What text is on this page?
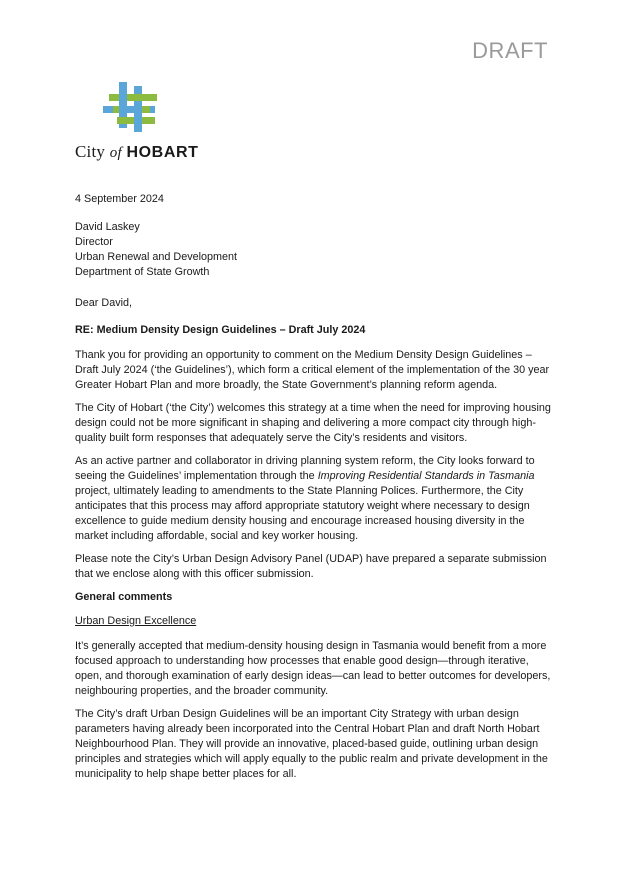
DRAFT
City of HOBART
4 September 2024
David Laskey
Director
Urban Renewal and Development
Department of State Growth
Dear David,
RE: Medium Density Design Guidelines – Draft July 2024

Thank you for providing an opportunity to comment on the Medium Density Design Guidelines – Draft July 2024 (‘the Guidelines’), which form a critical element of the implementation of the 30 year Greater Hobart Plan and more broadly, the State Government’s planning reform agenda.

The City of Hobart (‘the City’) welcomes this strategy at a time when the need for improving housing design could not be more significant in shaping and delivering a more compact city through high-quality built form responses that adequately serve the City’s residents and visitors.

As an active partner and collaborator in driving planning system reform, the City looks forward to seeing the Guidelines’ implementation through the Improving Residential Standards in Tasmania project, ultimately leading to amendments to the State Planning Polices. Furthermore, the City anticipates that this process may afford appropriate statutory weight where necessary to design excellence to guide medium density housing and encourage increased housing diversity in the market including affordable, social and key worker housing.

Please note the City’s Urban Design Advisory Panel (UDAP) have prepared a separate submission that we enclose along with this officer submission.

General comments
Urban Design Excellence

It’s generally accepted that medium-density housing design in Tasmania would benefit from a more focused approach to understanding how processes that enable good design—through iterative, open, and thorough examination of early design ideas—can lead to better outcomes for developers, neighbouring properties, and the broader community.

The City’s draft Urban Design Guidelines will be an important City Strategy with urban design parameters having already been incorporated into the Central Hobart Plan and draft North Hobart Neighbourhood Plan. They will provide an innovative, placed-based guide, outlining urban design principles and strategies which will apply equally to the public realm and private development in the municipality to help shape better places for all.
